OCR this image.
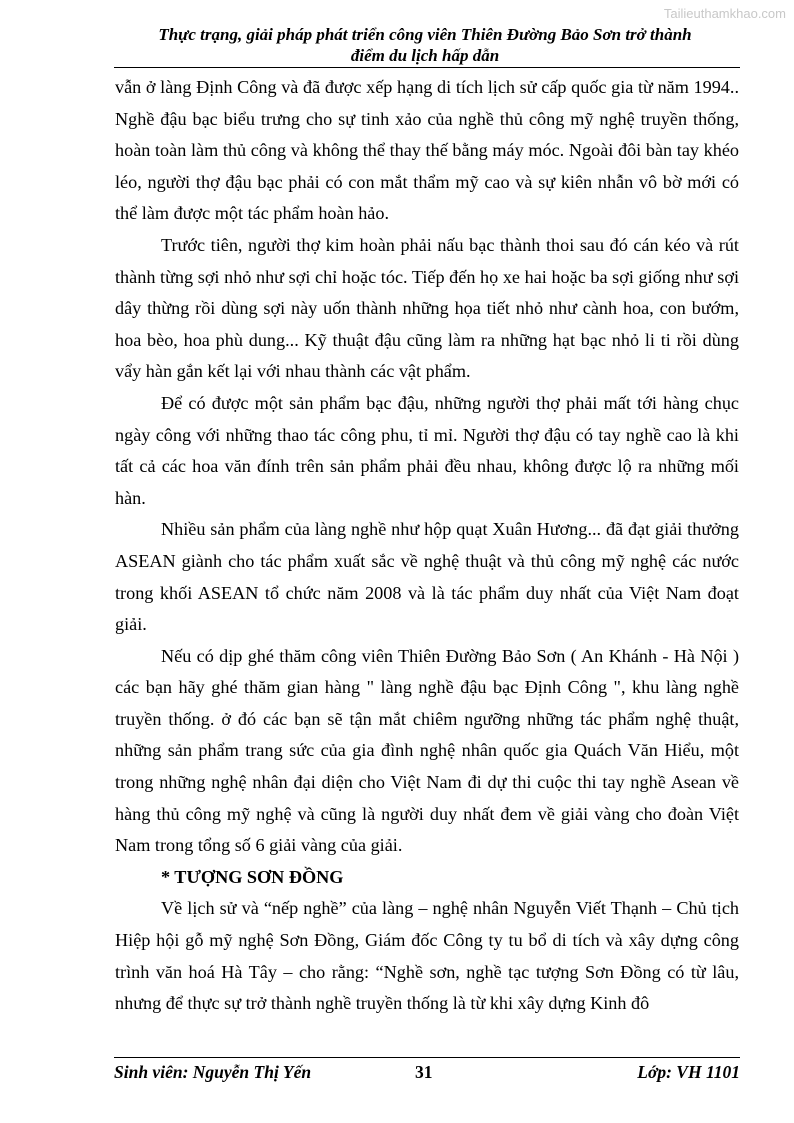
Tailieuthamkhao.com
Thực trạng, giải pháp phát triển công viên Thiên Đường Bảo Sơn trở thành
điểm du lịch hấp dẫn

vẫn ở làng Định Công và đã được xếp hạng di tích lịch sử cấp quốc gia từ năm 1994.. Nghề đậu bạc biểu trưng cho sự tinh xảo của nghề thủ công mỹ nghệ truyền thống, hoàn toàn làm thủ công và không thể thay thế bằng máy móc. Ngoài đôi bàn tay khéo léo, người thợ đậu bạc phải có con mắt thẩm mỹ cao và sự kiên nhẫn vô bờ mới có thể làm được một tác phẩm hoàn hảo.

Trước tiên, người thợ kim hoàn phải nấu bạc thành thoi sau đó cán kéo và rút thành từng sợi nhỏ như sợi chỉ hoặc tóc. Tiếp đến họ xe hai hoặc ba sợi giống như sợi dây thừng rồi dùng sợi này uốn thành những họa tiết nhỏ như cành hoa, con bướm, hoa bèo, hoa phù dung... Kỹ thuật đậu cũng làm ra những hạt bạc nhỏ li ti rồi dùng vẩy hàn gắn kết lại với nhau thành các vật phẩm.

Để có được một sản phẩm bạc đậu, những người thợ phải mất tới hàng chục ngày công với những thao tác công phu, tỉ mỉ. Người thợ đậu có tay nghề cao là khi tất cả các hoa văn đính trên sản phẩm phải đều nhau, không được lộ ra những mối hàn.

Nhiều sản phẩm của làng nghề như hộp quạt Xuân Hương... đã đạt giải thưởng ASEAN giành cho tác phẩm xuất sắc về nghệ thuật và thủ công mỹ nghệ các nước trong khối ASEAN tổ chức năm 2008 và là tác phẩm duy nhất của Việt Nam đoạt giải.

Nếu có dịp ghé thăm công viên Thiên Đường Bảo Sơn ( An Khánh - Hà Nội ) các bạn hãy ghé thăm gian hàng " làng nghề đậu bạc Định Công ", khu làng nghề truyền thống. ở đó các bạn sẽ tận mắt chiêm ngưỡng những tác phẩm nghệ thuật, những sản phẩm trang sức của gia đình nghệ nhân quốc gia Quách Văn Hiểu, một trong những nghệ nhân đại diện cho Việt Nam đi dự thi cuộc thi tay nghề Asean về hàng thủ công mỹ nghệ và cũng là người duy nhất đem về giải vàng cho đoàn Việt Nam trong tổng số 6 giải vàng của giải.

* TƯỢNG SƠN ĐỒNG

Về lịch sử và “nếp nghề” của làng – nghệ nhân Nguyễn Viết Thạnh – Chủ tịch Hiệp hội gỗ mỹ nghệ Sơn Đồng, Giám đốc Công ty tu bổ di tích và xây dựng công trình văn hoá Hà Tây – cho rằng: “Nghề sơn, nghề tạc tượng Sơn Đồng có từ lâu, nhưng để thực sự trở thành nghề truyền thống là từ khi xây dựng Kinh đô

Sinh viên: Nguyễn Thị Yến	31	Lớp: VH 1101
